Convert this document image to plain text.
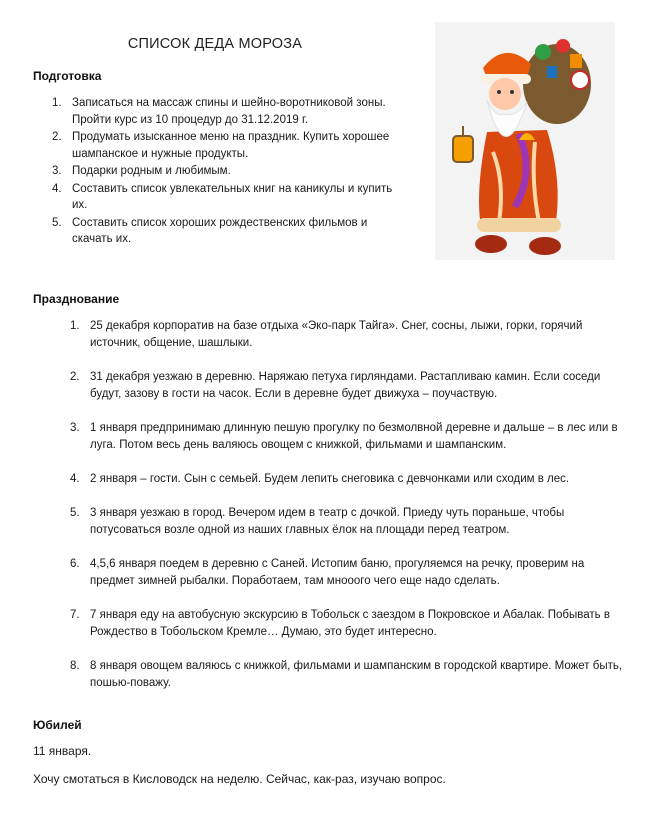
СПИСОК ДЕДА МОРОЗА
Подготовка
1. Записаться на массаж спины и шейно-воротниковой зоны. Пройти курс из 10 процедур до 31.12.2019 г.
2. Продумать изысканное меню на праздник. Купить хорошее шампанское и нужные продукты.
3. Подарки родным и любимым.
4. Составить список увлекательных книг на каникулы и купить их.
5. Составить список хороших рождественских фильмов и скачать их.
Празднование
1. 25 декабря корпоратив на базе отдыха «Эко-парк Тайга». Снег, сосны, лыжи, горки, горячий источник, общение, шашлыки.
2. 31 декабря уезжаю в деревню. Наряжаю петуха гирляндами. Растапливаю камин. Если соседи будут, зазову в гости на часок. Если в деревне будет движуха – поучаствую.
3. 1 января предпринимаю длинную пешую прогулку по безмолвной деревне и дальше – в лес или в луга. Потом весь день валяюсь овощем с книжкой, фильмами и шампанским.
4. 2 января – гости. Сын с семьей. Будем лепить снеговика с девчонками или сходим в лес.
5. 3 января уезжаю в город. Вечером идем в театр с дочкой. Приеду чуть пораньше, чтобы потусоваться возле одной из наших главных ёлок на площади перед театром.
6. 4,5,6 января поедем в деревню с Саней. Истопим баню, прогуляемся на речку, проверим на предмет зимней рыбалки. Поработаем, там мнооого чего еще надо сделать.
7. 7 января еду на автобусную экскурсию в Тобольск с заездом в Покровское и Абалак. Побывать в Рождество в Тобольском Кремле… Думаю, это будет интересно.
8. 8 января овощем валяюсь с книжкой, фильмами и шампанским в городской квартире. Может быть, пошью-поважу.
Юбилей
11 января.
Хочу смотаться в Кисловодск на неделю. Сейчас, как-раз, изучаю вопрос.
